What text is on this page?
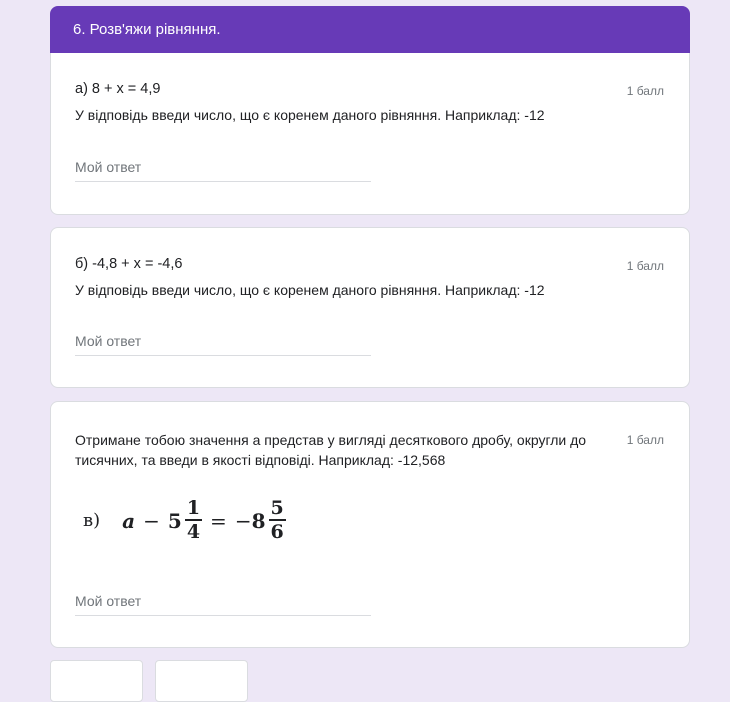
6. Розв'яжи рівняння.
а) 8 + x = 4,9	1 балл
У відповідь введи число, що є коренем даного рівняння. Наприклад: -12
Мой ответ
б) -4,8 + x = -4,6	1 балл
У відповідь введи число, що є коренем даного рівняння. Наприклад: -12
Мой ответ
Отримане тобою значення а представ у вигляді десяткового дробу, округли до тисячних, та введи в якості відповіді. Наприклад: -12,568
1 балл
в) $a - 5 \frac{1}{4}$ = − $8 \frac{5}{6}$
Мой ответ
